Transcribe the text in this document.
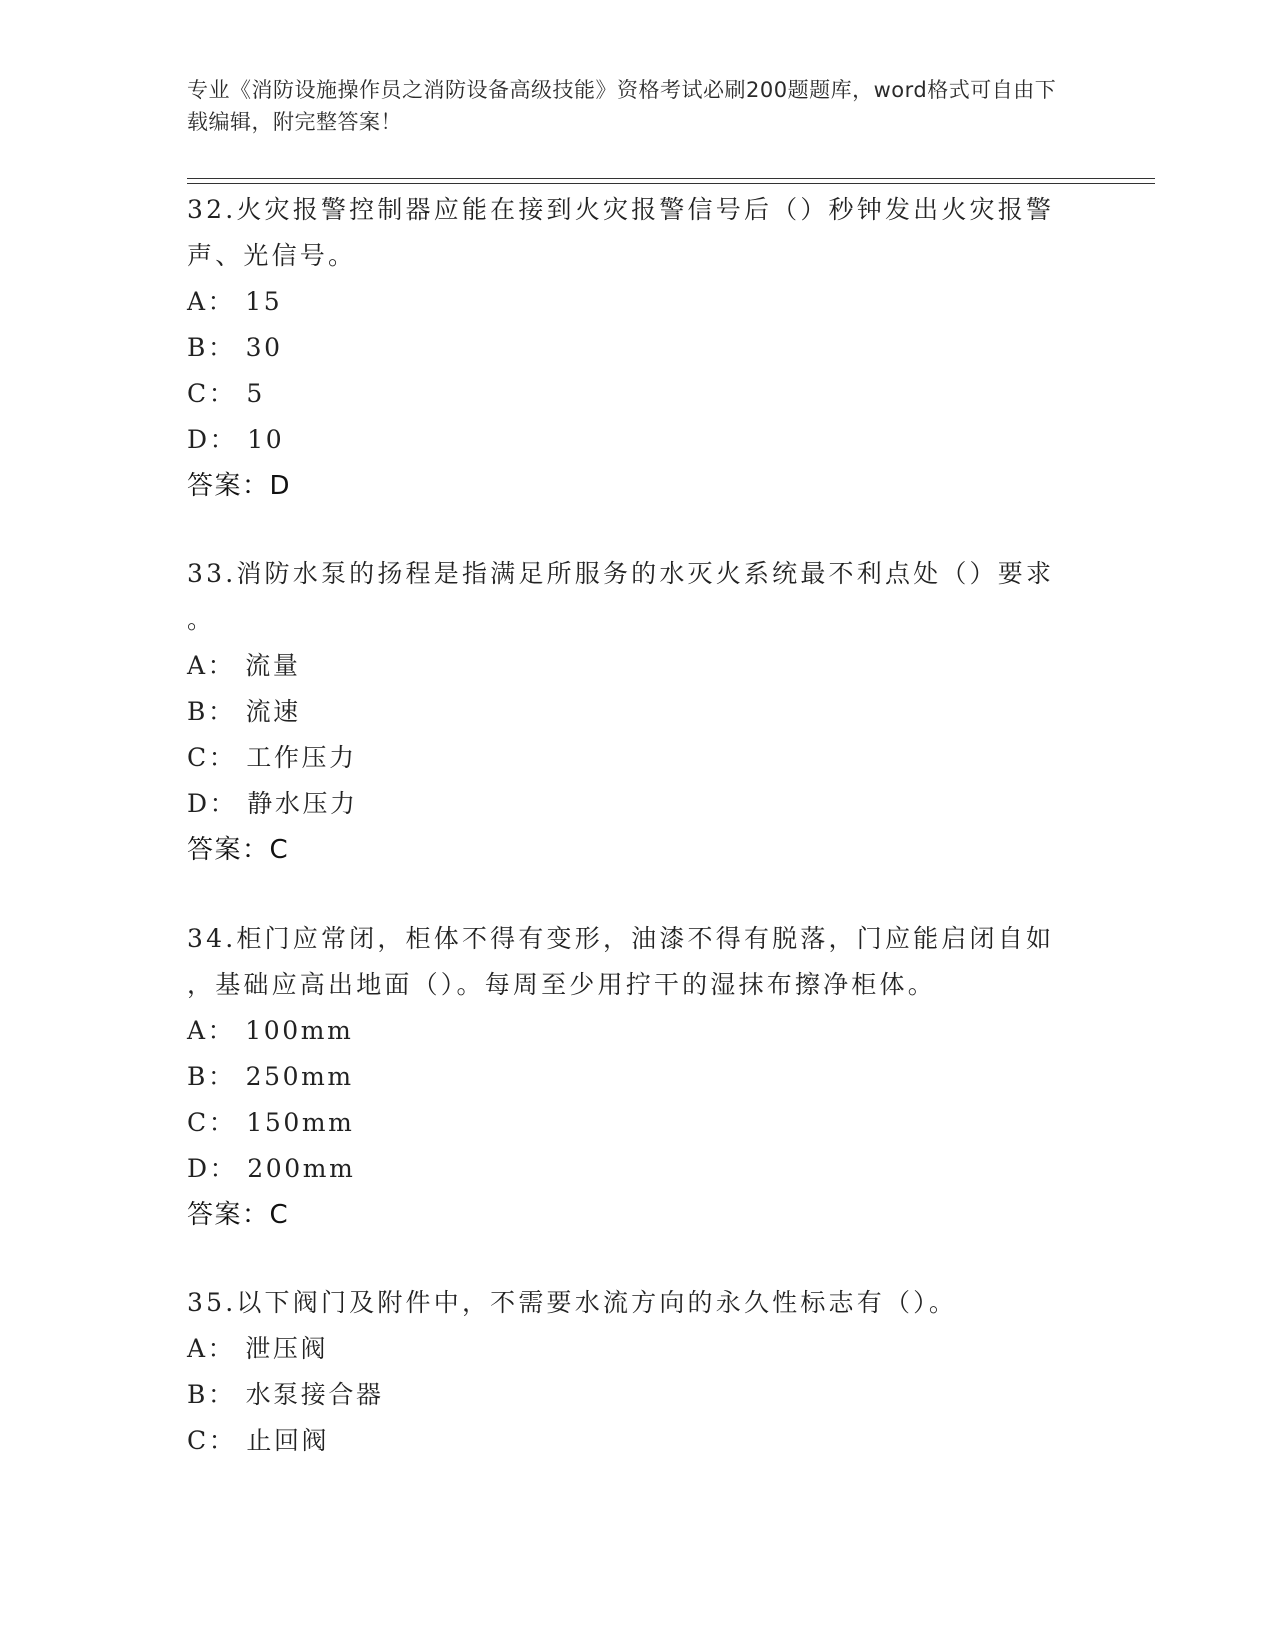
专业《消防设施操作员之消防设备高级技能》资格考试必刷200题题库，word格式可自由下载编辑，附完整答案！
32.火灾报警控制器应能在接到火灾报警信号后（）秒钟发出火灾报警
声、光信号。
A： 15
B： 30
C： 5
D： 10
答案：D
33.消防水泵的扬程是指满足所服务的水灭火系统最不利点处（）要求
。
A： 流量
B： 流速
C： 工作压力
D： 静水压力
答案：C
34.柜门应常闭，柜体不得有变形，油漆不得有脱落，门应能启闭自如
，基础应高出地面（）。每周至少用拧干的湿抹布擦净柜体。
A： 100mm
B： 250mm
C： 150mm
D： 200mm
答案：C
35.以下阀门及附件中，不需要水流方向的永久性标志有（）。
A： 泄压阀
B： 水泵接合器
C： 止回阀
